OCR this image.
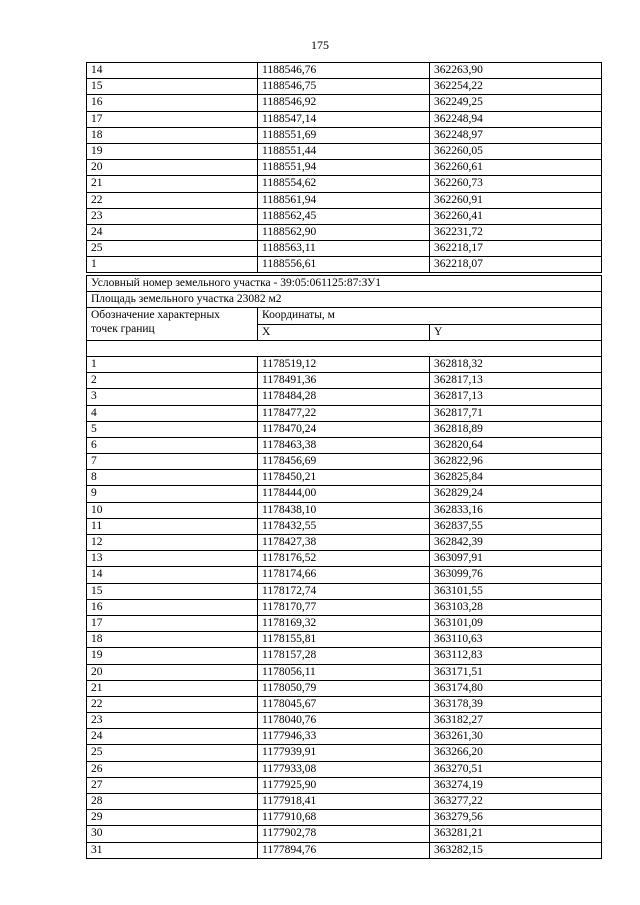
175
14	1188546,76	362263,90
15	1188546,75	362254,22
16	1188546,92	362249,25
17	1188547,14	362248,94
18	1188551,69	362248,97
19	1188551,44	362260,05
20	1188551,94	362260,61
21	1188554,62	362260,73
22	1188561,94	362260,91
23	1188562,45	362260,41
24	1188562,90	362231,72
25	1188563,11	362218,17
1	1188556,61	362218,07
Условный номер земельного участка - 39:05:061125:87:ЗУ1		
Площадь земельного участка 23082 м2		

Обозначение характерных
точек границ	Координаты, м	
	X	Y

1	1178519,12	362818,32
2	1178491,36	362817,13
3	1178484,28	362817,13
4	1178477,22	362817,71
5	1178470,24	362818,89
6	1178463,38	362820,64
7	1178456,69	362822,96
8	1178450,21	362825,84
9	1178444,00	362829,24
10	1178438,10	362833,16
11	1178432,55	362837,55
12	1178427,38	362842,39
13	1178176,52	363097,91
14	1178174,66	363099,76
15	1178172,74	363101,55
16	1178170,77	363103,28
17	1178169,32	363101,09
18	1178155,81	363110,63
19	1178157,28	363112,83
20	1178056,11	363171,51
21	1178050,79	363174,80
22	1178045,67	363178,39
23	1178040,76	363182,27
24	1177946,33	363261,30
25	1177939,91	363266,20
26	1177933,08	363270,51
27	1177925,90	363274,19
28	1177918,41	363277,22
29	1177910,68	363279,56
30	1177902,78	363281,21
31	1177894,76	363282,15
